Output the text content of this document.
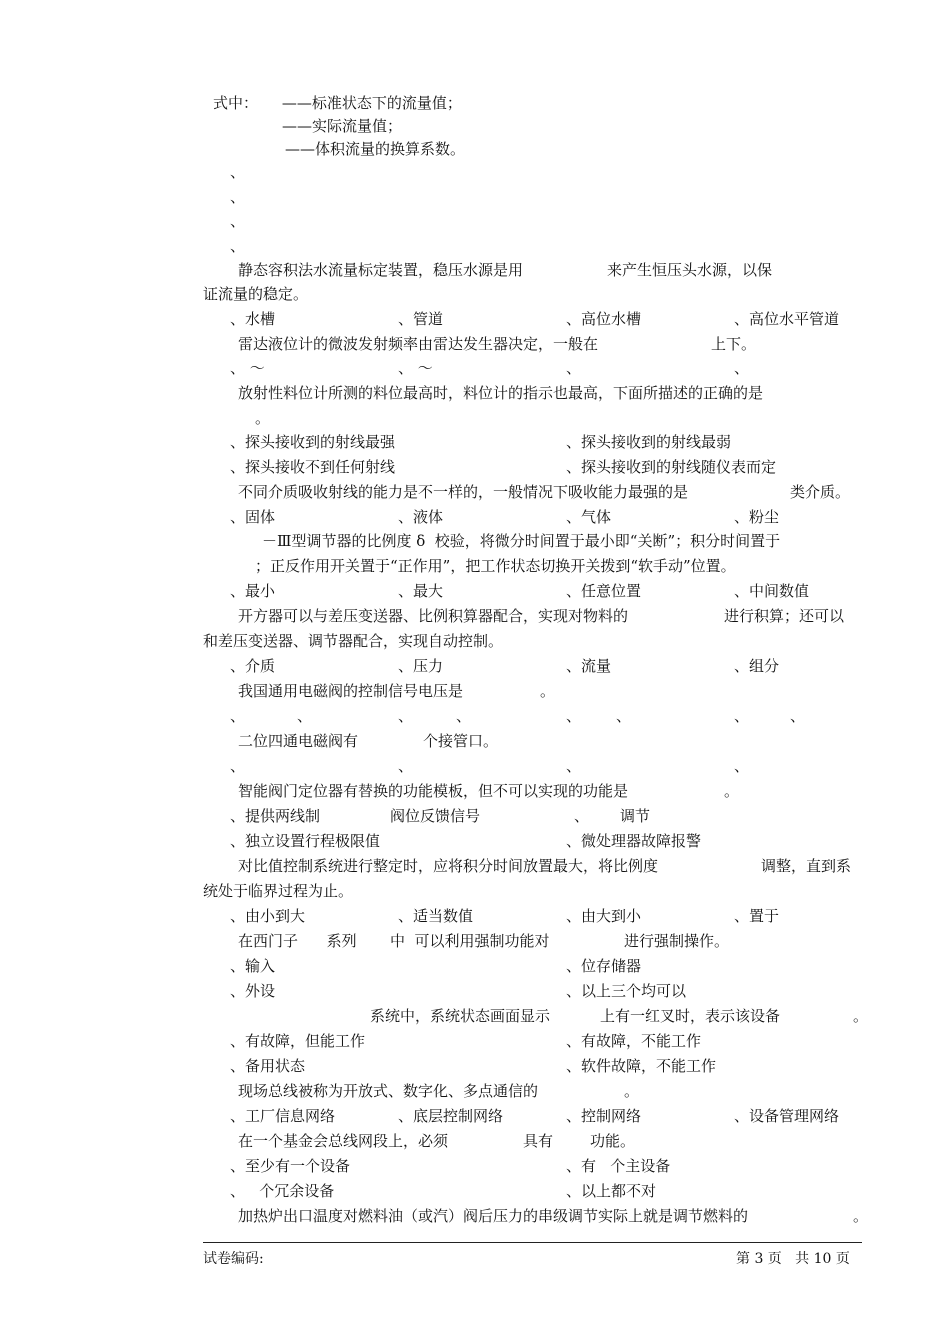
式中：     ——标准状态下的流量值；
——实际流量值；
——体积流量的换算系数。
、
、
、
、
静态容积法水流量标定装置，稳压水源是用	来产生恒压头水源，以保
证流量的稳定。
、水槽	、管道	、高位水槽	、高位水平管道
雷达液位计的微波发射频率由雷达发生器决定，一般在	上下。
、 ～	、 ～	、	、
放射性料位计所测的料位最高时，料位计的指示也最高，下面所描述的正确的是
。
、探头接收到的射线最强	、探头接收到的射线最弱
、探头接收不到任何射线	、探头接收到的射线随仪表而定
不同介质吸收射线的能力是不一样的，一般情况下吸收能力最强的是	类介质。
、固体	、液体	、气体	、粉尘
－Ⅲ型调节器的比例度 δ  校验，将微分时间置于最小即“关断”；积分时间置于
；正反作用开关置于“正作用”，把工作状态切换开关拨到“软手动”位置。
、最小	、最大	、任意位置	、中间数值
开方器可以与差压变送器、比例积算器配合，实现对物料的	进行积算；还可以
和差压变送器、调节器配合，实现自动控制。
、介质	、压力	、流量	、组分
我国通用电磁阀的控制信号电压是	。
、	、	、	、	、 、	、	、
二位四通电磁阀有	个接管口。
、	、	、	、
智能阀门定位器有替换的功能模板，但不可以实现的功能是	。
、提供两线制	阀位反馈信号	、 调节
、独立设置行程极限值	、微处理器故障报警
对比值控制系统进行整定时，应将积分时间放置最大，将比例度	调整，直到系
统处于临界过程为止。
、由小到大	、适当数值	、由大到小	、置于
在西门子      系列       中  可以利用强制功能对	进行强制操作。
、输入	、位存储器
、外设	、以上三个均可以
系统中，系统状态画面显示	上有一红叉时，表示该设备	。
、有故障，但能工作	、有故障，不能工作
、备用状态	、软件故障，不能工作
现场总线被称为开放式、数字化、多点通信的	。
、工厂信息网络	、底层控制网络	、控制网络	、设备管理网络
在一个基金会总线网段上，必须	具有 功能。
、至少有一个设备	、有   个主设备
、   个冗余设备	、以上都不对
加热炉出口温度对燃料油（或汽）阀后压力的串级调节实际上就是调节燃料的	。
试卷编码:	第 3 页   共 10 页
